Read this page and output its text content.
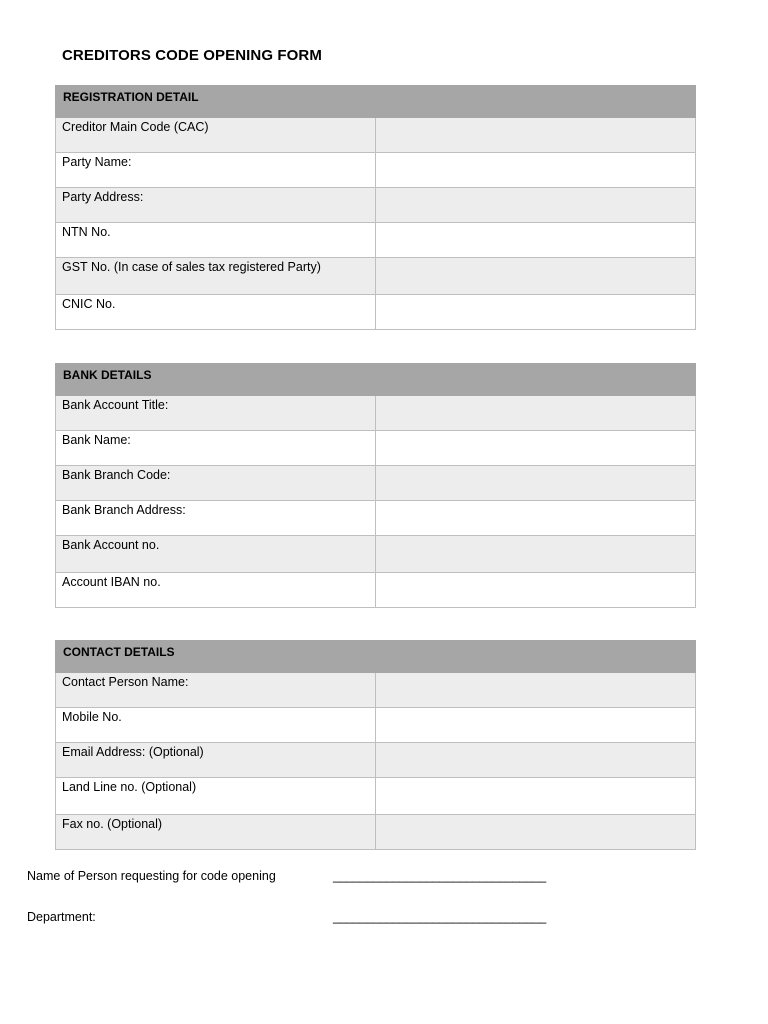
CREDITORS CODE OPENING FORM
REGISTRATION DETAIL	
Creditor Main Code (CAC)	
Party Name:	
Party Address:	
NTN No.	
GST No. (In case of sales tax registered Party)	
CNIC No.	
BANK DETAILS	
Bank Account Title:	
Bank Name:	
Bank Branch Code:	
Bank Branch Address:	
Bank Account no.	
Account IBAN no.	
CONTACT DETAILS	
Contact Person Name:	
Mobile No.	
Email Address: (Optional)	
Land Line no. (Optional)	
Fax no. (Optional)	
Name of Person requesting for code opening	________________________________
Department:	________________________________
